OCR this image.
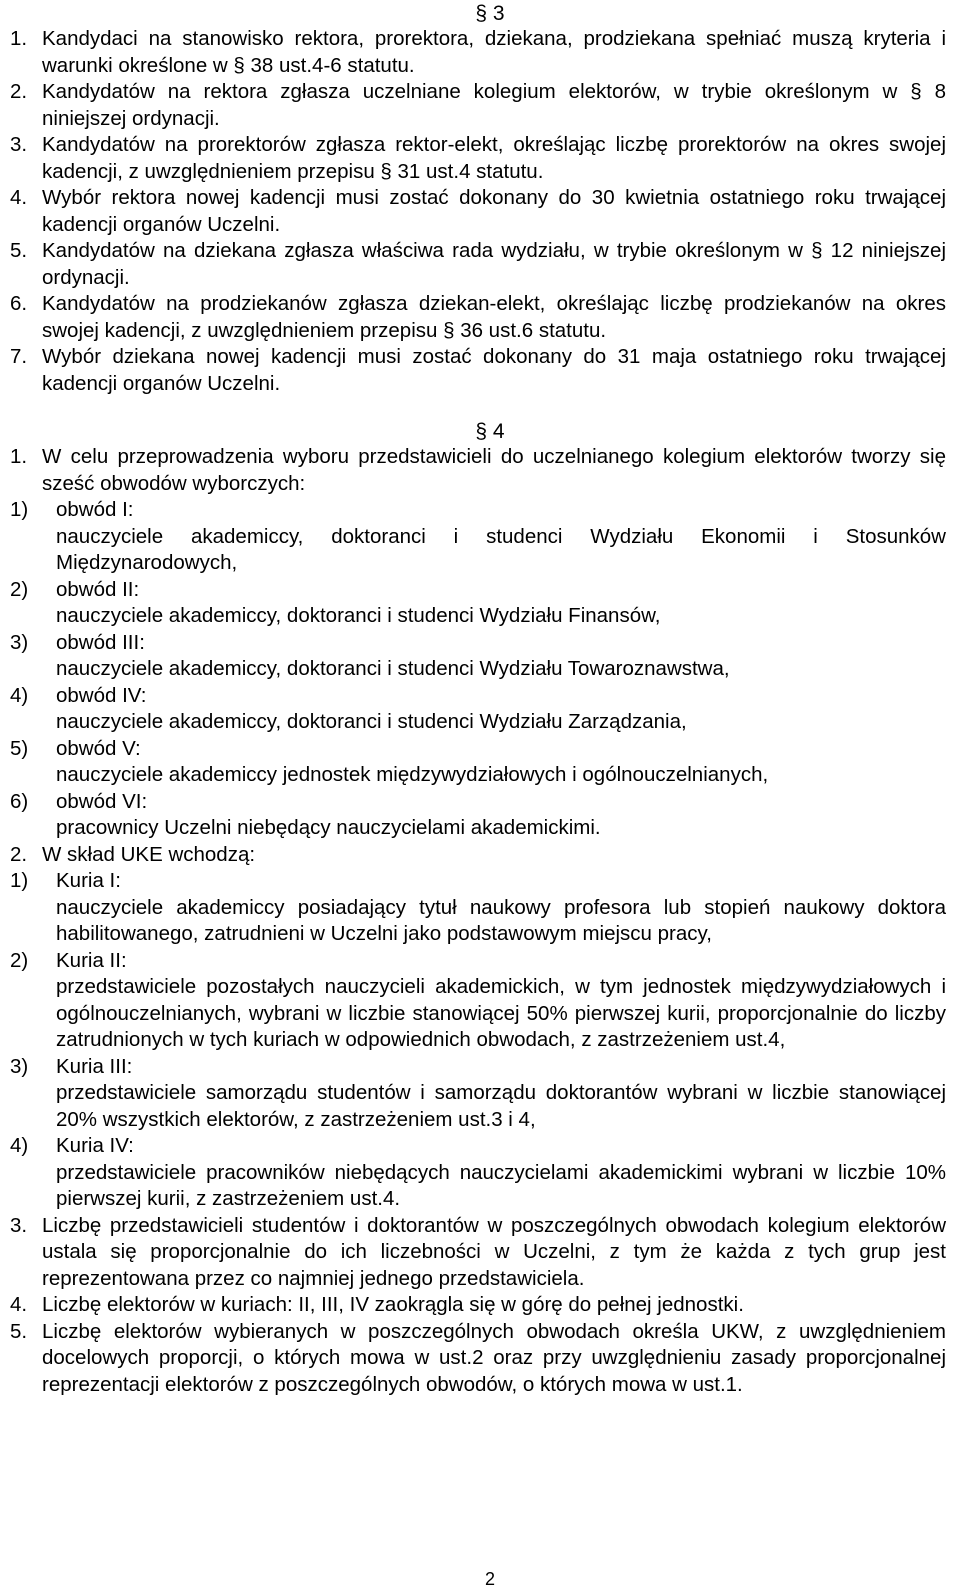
§ 3
1. Kandydaci na stanowisko rektora, prorektora, dziekana, prodziekana spełniać muszą kryteria i warunki określone w § 38 ust.4-6 statutu.
2. Kandydatów na rektora zgłasza uczelniane kolegium elektorów, w trybie określonym w § 8 niniejszej ordynacji.
3. Kandydatów na prorektorów zgłasza rektor-elekt, określając liczbę prorektorów na okres swojej kadencji, z uwzględnieniem przepisu § 31 ust.4 statutu.
4. Wybór rektora nowej kadencji musi zostać dokonany do 30 kwietnia ostatniego roku trwającej kadencji organów Uczelni.
5. Kandydatów na dziekana zgłasza właściwa rada wydziału, w trybie określonym w § 12 niniejszej ordynacji.
6. Kandydatów na prodziekanów zgłasza dziekan-elekt, określając liczbę prodziekanów na okres swojej kadencji, z uwzględnieniem przepisu § 36 ust.6 statutu.
7. Wybór dziekana nowej kadencji musi zostać dokonany do 31 maja ostatniego roku trwającej kadencji organów Uczelni.
§ 4
1. W celu przeprowadzenia wyboru przedstawicieli do uczelnianego kolegium elektorów tworzy się sześć obwodów wyborczych:
1) obwód I:
nauczyciele akademiccy, doktoranci i studenci Wydziału Ekonomii i Stosunków Międzynarodowych,
2) obwód II:
nauczyciele akademiccy, doktoranci i studenci Wydziału Finansów,
3) obwód III:
nauczyciele akademiccy, doktoranci i studenci Wydziału Towaroznawstwa,
4) obwód IV:
nauczyciele akademiccy, doktoranci i studenci Wydziału Zarządzania,
5) obwód V:
nauczyciele akademiccy jednostek międzywydziałowych i ogólnouczelnianych,
6) obwód VI:
pracownicy Uczelni niebędący nauczycielami akademickimi.
2. W skład UKE wchodzą:
1) Kuria I:
nauczyciele akademiccy posiadający tytuł naukowy profesora lub stopień naukowy doktora habilitowanego, zatrudnieni w Uczelni jako podstawowym miejscu pracy,
2) Kuria II:
przedstawiciele pozostałych nauczycieli akademickich, w tym jednostek międzywydziałowych i ogólnouczelnianych, wybrani w liczbie stanowiącej 50% pierwszej kurii, proporcjonalnie do liczby zatrudnionych w tych kuriach w odpowiednich obwodach, z zastrzeżeniem ust.4,
3) Kuria III:
przedstawiciele samorządu studentów i samorządu doktorantów wybrani w liczbie stanowiącej 20% wszystkich elektorów, z zastrzeżeniem ust.3 i 4,
4) Kuria IV:
przedstawiciele pracowników niebędących nauczycielami akademickimi wybrani w liczbie 10% pierwszej kurii, z zastrzeżeniem ust.4.
3. Liczbę przedstawicieli studentów i doktorantów w poszczególnych obwodach kolegium elektorów ustala się proporcjonalnie do ich liczebności w Uczelni, z tym że każda z tych grup jest reprezentowana przez co najmniej jednego przedstawiciela.
4. Liczbę elektorów w kuriach: II, III, IV zaokrągla się w górę do pełnej jednostki.
5. Liczbę elektorów wybieranych w poszczególnych obwodach określa UKW, z uwzględnieniem docelowych proporcji, o których mowa w ust.2 oraz przy uwzględnieniu zasady proporcjonalnej reprezentacji elektorów z poszczególnych obwodów, o których mowa w ust.1.
2
